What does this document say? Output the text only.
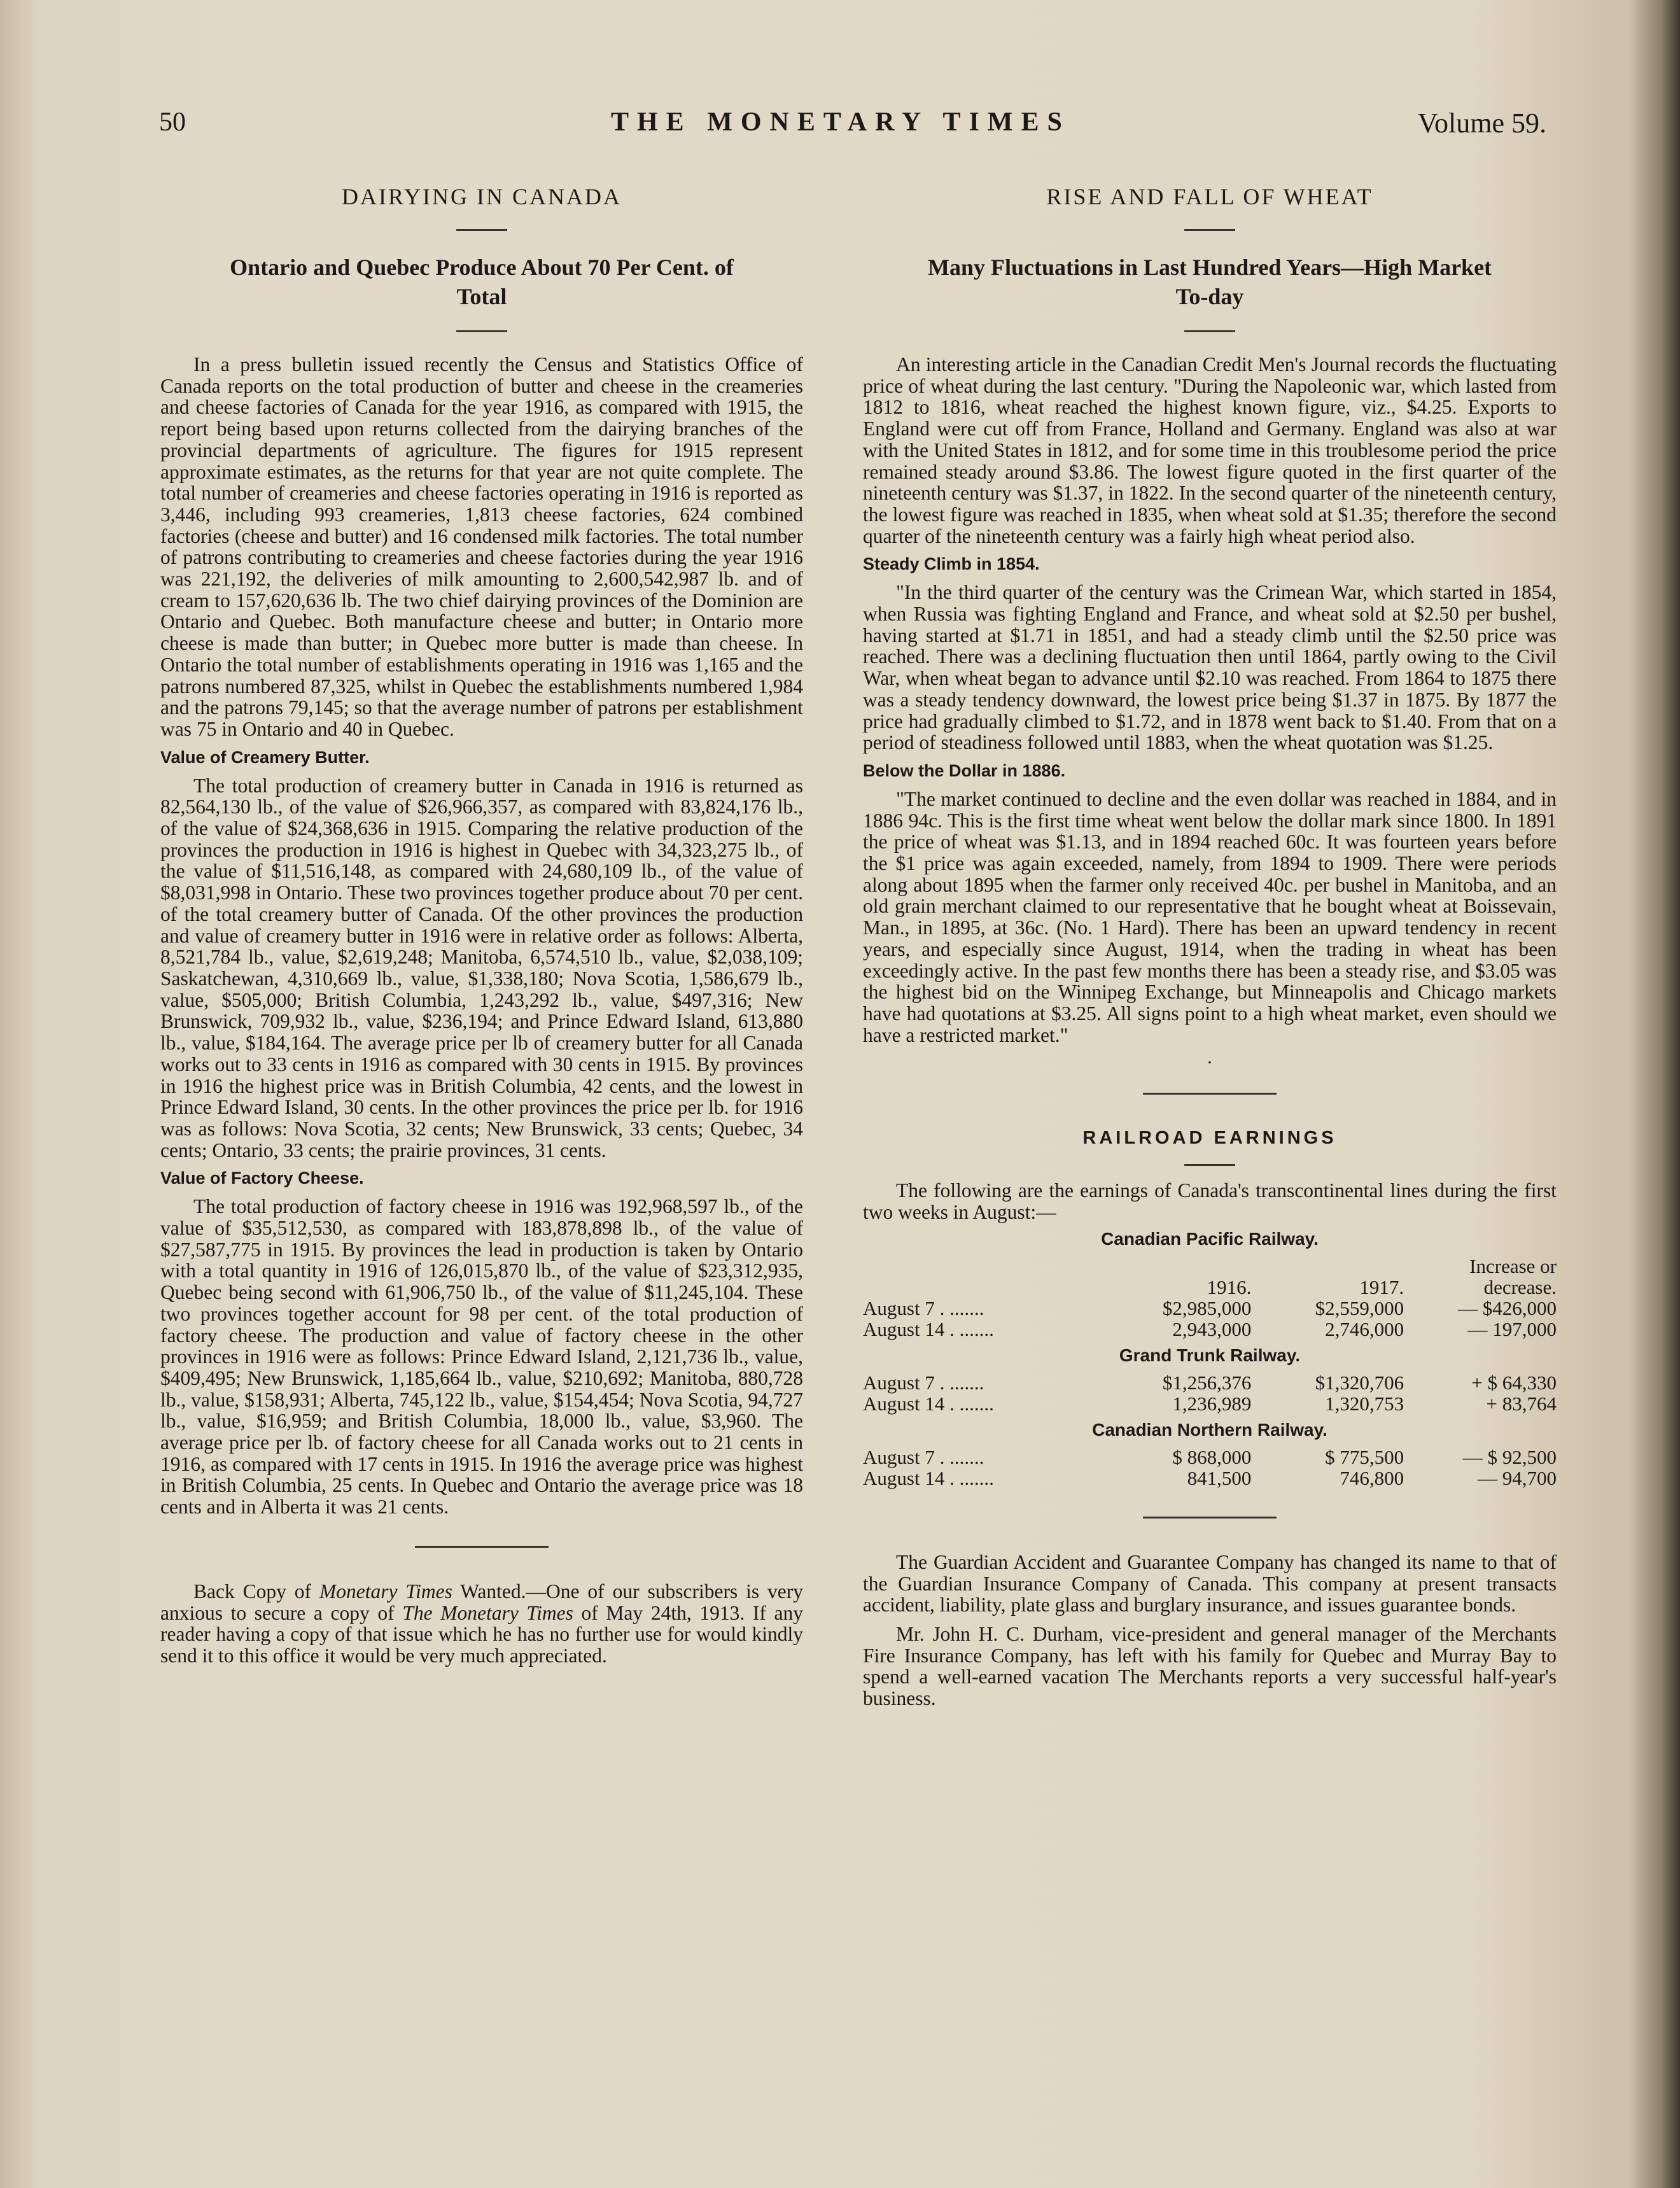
50	THE MONETARY TIMES	Volume 59.
DAIRYING IN CANADA
Ontario and Quebec Produce About 70 Per Cent. of Total

In a press bulletin issued recently the Census and Statistics Office of Canada reports on the total production of butter and cheese in the creameries and cheese factories of Canada for the year 1916, as compared with 1915, the report being based upon returns collected from the dairying branches of the provincial departments of agriculture. The figures for 1915 represent approximate estimates, as the returns for that year are not quite complete. The total number of creameries and cheese factories operating in 1916 is reported as 3,446, including 993 creameries, 1,813 cheese factories, 624 combined factories (cheese and butter) and 16 condensed milk factories. The total number of patrons contributing to creameries and cheese factories during the year 1916 was 221,192, the deliveries of milk amounting to 2,600,542,987 lb. and of cream to 157,620,636 lb. The two chief dairying provinces of the Dominion are Ontario and Quebec. Both manufacture cheese and butter; in Ontario more cheese is made than butter; in Quebec more butter is made than cheese. In Ontario the total number of establishments operating in 1916 was 1,165 and the patrons numbered 87,325, whilst in Quebec the establishments numbered 1,984 and the patrons 79,145; so that the average number of patrons per establishment was 75 in Ontario and 40 in Quebec.

Value of Creamery Butter.

The total production of creamery butter in Canada in 1916 is returned as 82,564,130 lb., of the value of $26,966,357, as compared with 83,824,176 lb., of the value of $24,368,636 in 1915. Comparing the relative production of the provinces the production in 1916 is highest in Quebec with 34,323,275 lb., of the value of $11,516,148, as compared with 24,680,109 lb., of the value of $8,031,998 in Ontario. These two provinces together produce about 70 per cent. of the total creamery butter of Canada. Of the other provinces the production and value of creamery butter in 1916 were in relative order as follows: Alberta, 8,521,784 lb., value, $2,619,248; Manitoba, 6,574,510 lb., value, $2,038,109; Saskatchewan, 4,310,669 lb., value, $1,338,180; Nova Scotia, 1,586,679 lb., value, $505,000; British Columbia, 1,243,292 lb., value, $497,316; New Brunswick, 709,932 lb., value, $236,194; and Prince Edward Island, 613,880 lb., value, $184,164. The average price per lb of creamery butter for all Canada works out to 33 cents in 1916 as compared with 30 cents in 1915. By provinces in 1916 the highest price was in British Columbia, 42 cents, and the lowest in Prince Edward Island, 30 cents. In the other provinces the price per lb. for 1916 was as follows: Nova Scotia, 32 cents; New Brunswick, 33 cents; Quebec, 34 cents; Ontario, 33 cents; the prairie provinces, 31 cents.

Value of Factory Cheese.

The total production of factory cheese in 1916 was 192,968,597 lb., of the value of $35,512,530, as compared with 183,878,898 lb., of the value of $27,587,775 in 1915. By provinces the lead in production is taken by Ontario with a total quantity in 1916 of 126,015,870 lb., of the value of $23,312,935, Quebec being second with 61,906,750 lb., of the value of $11,245,104. These two provinces together account for 98 per cent. of the total production of factory cheese. The production and value of factory cheese in the other provinces in 1916 were as follows: Prince Edward Island, 2,121,736 lb., value, $409,495; New Brunswick, 1,185,664 lb., value, $210,692; Manitoba, 880,728 lb., value, $158,931; Alberta, 745,122 lb., value, $154,454; Nova Scotia, 94,727 lb., value, $16,959; and British Columbia, 18,000 lb., value, $3,960. The average price per lb. of factory cheese for all Canada works out to 21 cents in 1916, as compared with 17 cents in 1915. In 1916 the average price was highest in British Columbia, 25 cents. In Quebec and Ontario the average price was 18 cents and in Alberta it was 21 cents.

Back Copy of Monetary Times Wanted.—One of our subscribers is very anxious to secure a copy of The Monetary Times of May 24th, 1913. If any reader having a copy of that issue which he has no further use for would kindly send it to this office it would be very much appreciated.

RISE AND FALL OF WHEAT
Many Fluctuations in Last Hundred Years—High Market To-day

An interesting article in the Canadian Credit Men's Journal records the fluctuating price of wheat during the last century. "During the Napoleonic war, which lasted from 1812 to 1816, wheat reached the highest known figure, viz., $4.25. Exports to England were cut off from France, Holland and Germany. England was also at war with the United States in 1812, and for some time in this troublesome period the price remained steady around $3.86. The lowest figure quoted in the first quarter of the nineteenth century was $1.37, in 1822. In the second quarter of the nineteenth century, the lowest figure was reached in 1835, when wheat sold at $1.35; therefore the second quarter of the nineteenth century was a fairly high wheat period also.

Steady Climb in 1854.

"In the third quarter of the century was the Crimean War, which started in 1854, when Russia was fighting England and France, and wheat sold at $2.50 per bushel, having started at $1.71 in 1851, and had a steady climb until the $2.50 price was reached. There was a declining fluctuation then until 1864, partly owing to the Civil War, when wheat began to advance until $2.10 was reached. From 1864 to 1875 there was a steady tendency downward, the lowest price being $1.37 in 1875. By 1877 the price had gradually climbed to $1.72, and in 1878 went back to $1.40. From that on a period of steadiness followed until 1883, when the wheat quotation was $1.25.

Below the Dollar in 1886.

"The market continued to decline and the even dollar was reached in 1884, and in 1886 94c. This is the first time wheat went below the dollar mark since 1800. In 1891 the price of wheat was $1.13, and in 1894 reached 60c. It was fourteen years before the $1 price was again exceeded, namely, from 1894 to 1909. There were periods along about 1895 when the farmer only received 40c. per bushel in Manitoba, and an old grain merchant claimed to our representative that he bought wheat at Boissevain, Man., in 1895, at 36c. (No. 1 Hard). There has been an upward tendency in recent years, and especially since August, 1914, when the trading in wheat has been exceedingly active. In the past few months there has been a steady rise, and $3.05 was the highest bid on the Winnipeg Exchange, but Minneapolis and Chicago markets have had quotations at $3.25. All signs point to a high wheat market, even should we have a restricted market."

·
RAILROAD EARNINGS

The following are the earnings of Canada's transcontinental lines during the first two weeks in August:—

Canadian Pacific Railway.			
	1916.	1917.	Increase or decrease.
August 7 . .......	$2,985,000	$2,559,000	— $426,000
August 14 . .......	2,943,000	2,746,000	— 197,000
Grand Trunk Railway.			
August 7 . .......	$1,256,376	$1,320,706	+ $ 64,330
August 14 . .......	1,236,989	1,320,753	+ 83,764
Canadian Northern Railway.			
August 7 . .......	$ 868,000	$ 775,500	— $ 92,500
August 14 . .......	841,500	746,800	— 94,700

The Guardian Accident and Guarantee Company has changed its name to that of the Guardian Insurance Company of Canada. This company at present transacts accident, liability, plate glass and burglary insurance, and issues guarantee bonds.

Mr. John H. C. Durham, vice-president and general manager of the Merchants Fire Insurance Company, has left with his family for Quebec and Murray Bay to spend a well-earned vacation The Merchants reports a very successful half-year's business.
